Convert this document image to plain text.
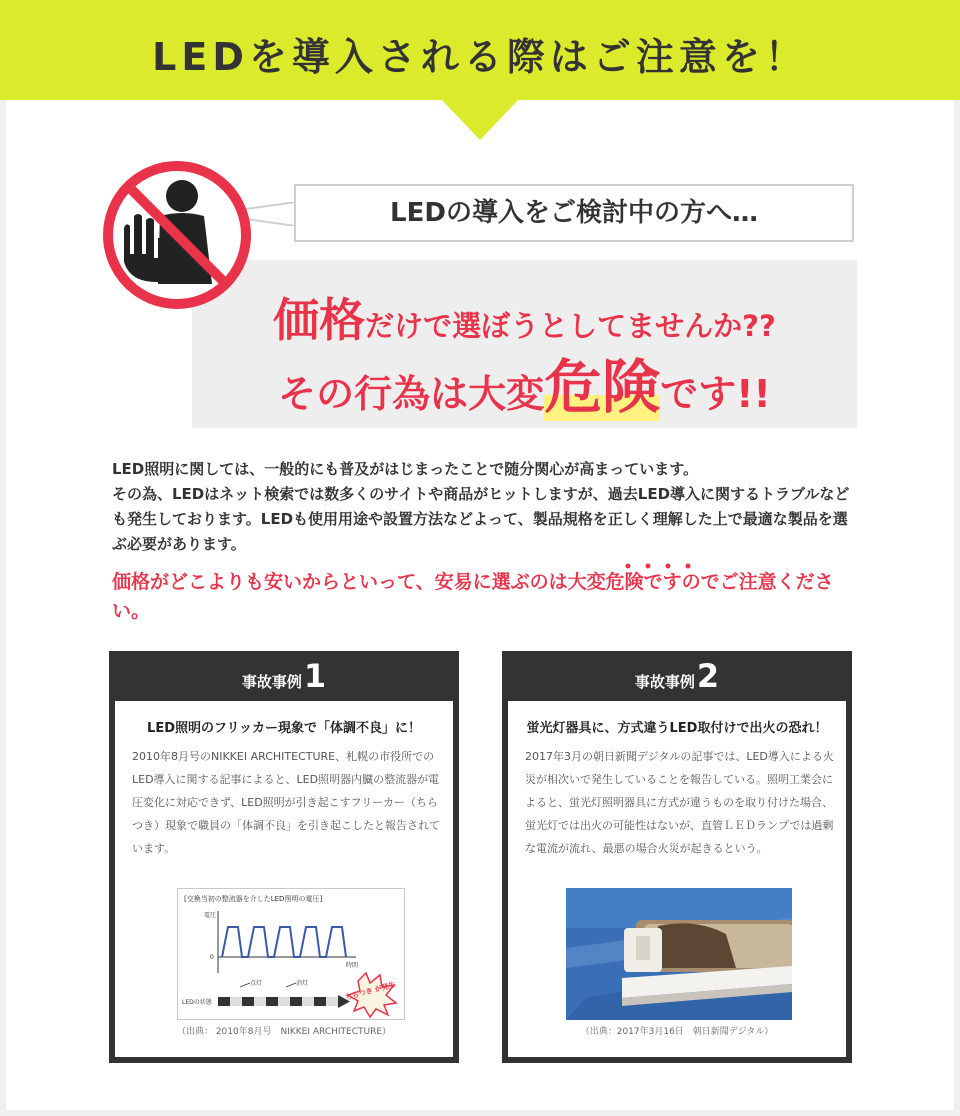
LEDを導入される際はご注意を！
LEDの導入をご検討中の方へ…
価格だけで選ぼうとしてませんか??
その行為は大変危険です!!
LED照明に関しては、一般的にも普及がはじまったことで随分関心が高まっています。
その為、LEDはネット検索では数多くのサイトや商品がヒットしますが、過去LED導入に関するトラブルなども発生しております。LEDも使用用途や設置方法などよって、製品規格を正しく理解した上で最適な製品を選ぶ必要があります。
価格がどこよりも安いからといって、安易に選ぶのは大変危険ですのでご注意ください。
事故事例1
LED照明のフリッカー現象で「体調不良」に！

2010年8月号のNIKKEI ARCHITECTURE、札幌の市役所でのLED導入に関する記事によると、LED照明器内臓の整流器が電圧変化に対応できず、LED照明が引き起こすフリーカー（ちらつき）現象で職員の「体調不良」を引き起こしたと報告されています。

[交換当初の整流器を介したLED照明の電圧]
電圧
0
時間
点灯	消灯
LEDの状態
ちらつき が発生
（出典： 2010年8月号　NIKKEI ARCHITECTURE）
事故事例2
蛍光灯器具に、方式違うLED取付けで出火の恐れ！

2017年3月の朝日新聞デジタルの記事では、LED導入による火災が相次いで発生していることを報告している。照明工業会によると、蛍光灯照明器具に方式が違うものを取り付けた場合、蛍光灯では出火の可能性はないが、直管ＬＥＤランプでは過剰な電流が流れ、最悪の場合火災が起きるという。

（出典：2017年3月16日　朝日新聞デジタル）
